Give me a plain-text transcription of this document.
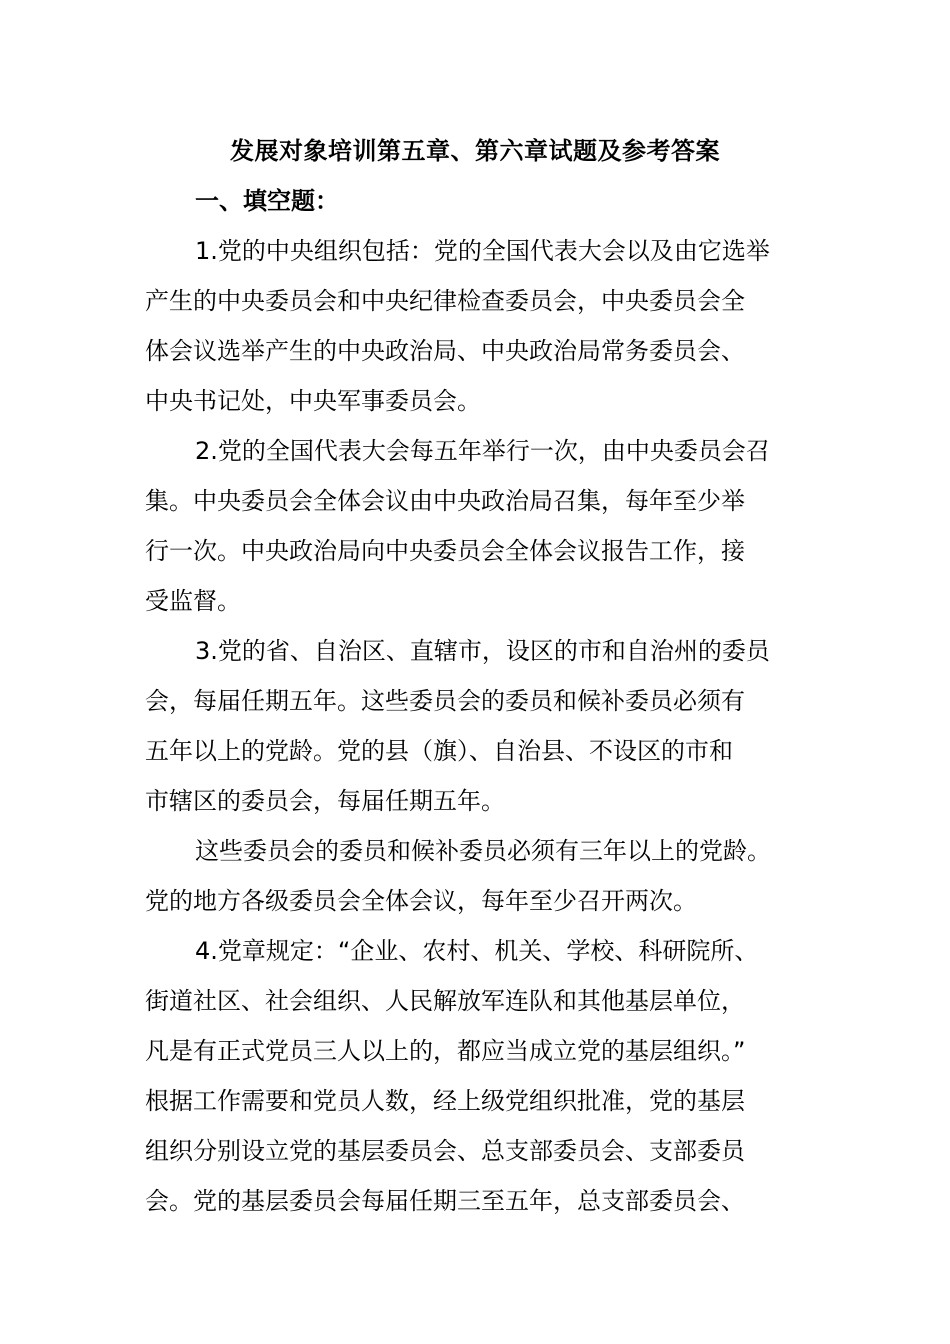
发展对象培训第五章、第六章试题及参考答案
一、填空题：
1.党的中央组织包括：党的全国代表大会以及由它选举
产生的中央委员会和中央纪律检查委员会，中央委员会全
体会议选举产生的中央政治局、中央政治局常务委员会、
中央书记处，中央军事委员会。
2.党的全国代表大会每五年举行一次，由中央委员会召
集。中央委员会全体会议由中央政治局召集，每年至少举
行一次。中央政治局向中央委员会全体会议报告工作，接
受监督。
3.党的省、自治区、直辖市，设区的市和自治州的委员
会，每届任期五年。这些委员会的委员和候补委员必须有
五年以上的党龄。党的县（旗）、自治县、不设区的市和
市辖区的委员会，每届任期五年。
这些委员会的委员和候补委员必须有三年以上的党龄。
党的地方各级委员会全体会议，每年至少召开两次。
4.党章规定：“企业、农村、机关、学校、科研院所、
街道社区、社会组织、人民解放军连队和其他基层单位，
凡是有正式党员三人以上的，都应当成立党的基层组织。”
根据工作需要和党员人数，经上级党组织批准，党的基层
组织分别设立党的基层委员会、总支部委员会、支部委员
会。党的基层委员会每届任期三至五年，总支部委员会、
